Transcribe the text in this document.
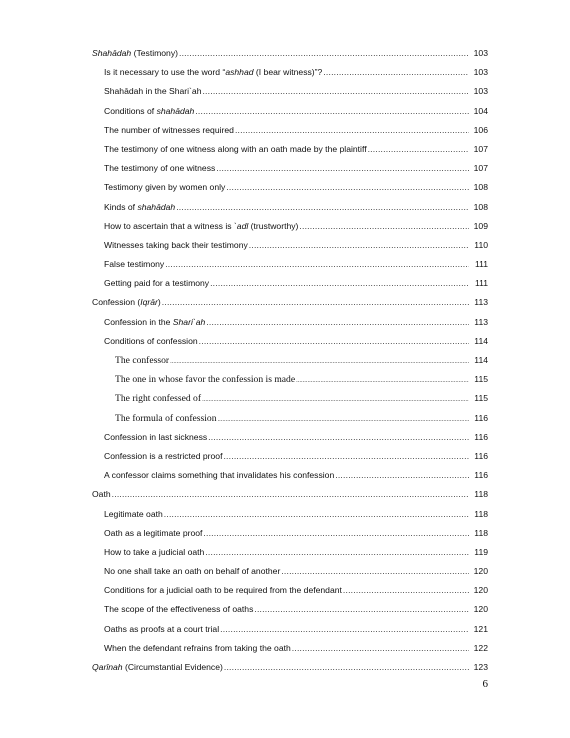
Shahādah (Testimony) .....	103
Is it necessary to use the word “ashhad (I bear witness)”? .....	103
Shahādah in the Shari`ah .....	103
Conditions of shahādah .....	104
The number of witnesses required .....	106
The testimony of one witness along with an oath made by the plaintiff .....	107
The testimony of one witness .....	107
Testimony given by women only .....	108
Kinds of shahādah .....	108
How to ascertain that a witness is `adl (trustworthy) .....	109
Witnesses taking back their testimony .....	110
False testimony .....	111
Getting paid for a testimony .....	111
Confession (Iqrār) .....	113
Confession in the Shari`ah .....	113
Conditions of confession .....	114
The confessor .....	114
The one in whose favor the confession is made .....	115
The right confessed of .....	115
The formula of confession .....	116
Confession in last sickness .....	116
Confession is a restricted proof .....	116
A confessor claims something that invalidates his confession .....	116
Oath .....	118
Legitimate oath .....	118
Oath as a legitimate proof .....	118
How to take a judicial oath .....	119
No one shall take an oath on behalf of another .....	120
Conditions for a judicial oath to be required from the defendant .....	120
The scope of the effectiveness of oaths .....	120
Oaths as proofs at a court trial .....	121
When the defendant refrains from taking the oath .....	122
Qarīnah (Circumstantial Evidence) .....	123
6
